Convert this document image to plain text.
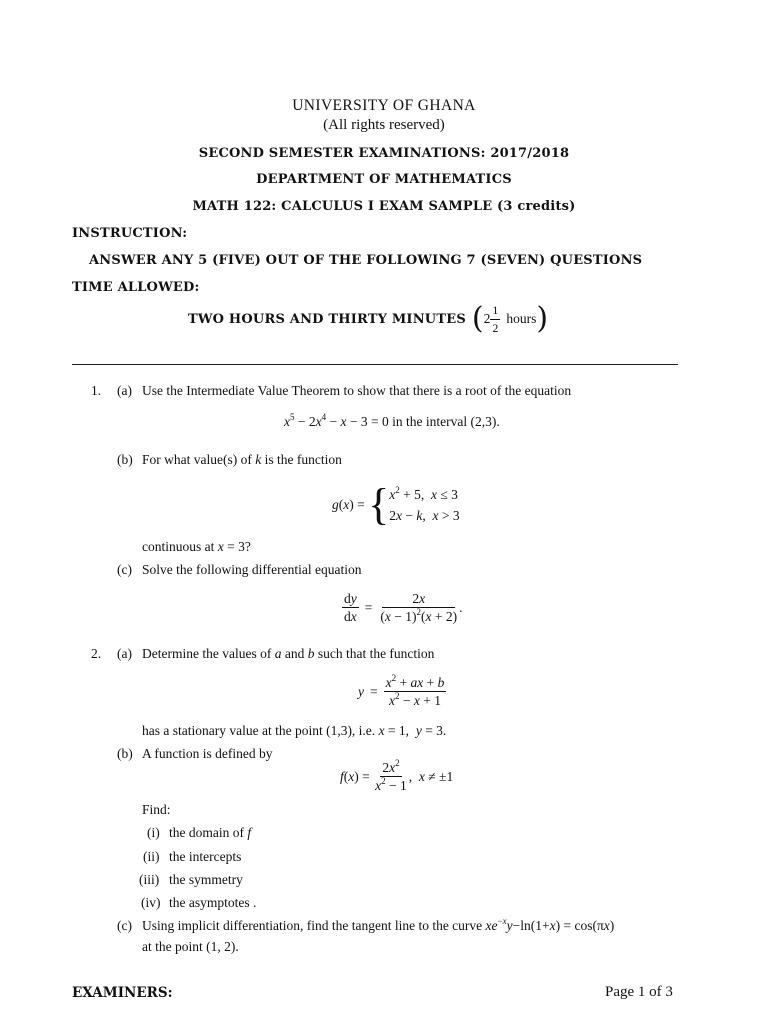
UNIVERSITY OF GHANA
(All rights reserved)
SECOND SEMESTER EXAMINATIONS: 2017/2018
DEPARTMENT OF MATHEMATICS
MATH 122: CALCULUS I EXAM SAMPLE (3 credits)
INSTRUCTION:
ANSWER ANY 5 (FIVE) OUT OF THE FOLLOWING 7 (SEVEN) QUESTIONS
TIME ALLOWED:
TWO HOURS AND THIRTY MINUTES ( $2 \frac{1}{2}$ hours )
1. (a) Use the Intermediate Value Theorem to show that there is a root of the equation
$x^5 - 2x^4 - x - 3 = 0$ in the interval (2,3).
(b) For what value(s) of k is the function
g(x) = { $x^2 + 5$,  x ≤ 3
2x − k,  x > 3
continuous at x = 3?
(c) Solve the following differential equation
$\frac{dy}{dx} = \frac{2x}{(x - 1)^2(x + 2)}$ .
2. (a) Determine the values of a and b such that the function
$y = \frac{x^2 + ax + b}{x^2 - x + 1}$
has a stationary value at the point (1,3), i.e. x = 1,  y = 3.
(b) A function is defined by
$f(x) = \frac{2x^2}{x^2 - 1}$ ,  x ≠ ±1
Find:
(i) the domain of f
(ii) the intercepts
(iii) the symmetry
(iv) the asymptotes .
(c) Using implicit differentiation, find the tangent line to the curve $xe^{-x}y-\ln(1+x) = \cos(\pi x)$
at the point (1, 2).
EXAMINERS:	Page 1 of 3
